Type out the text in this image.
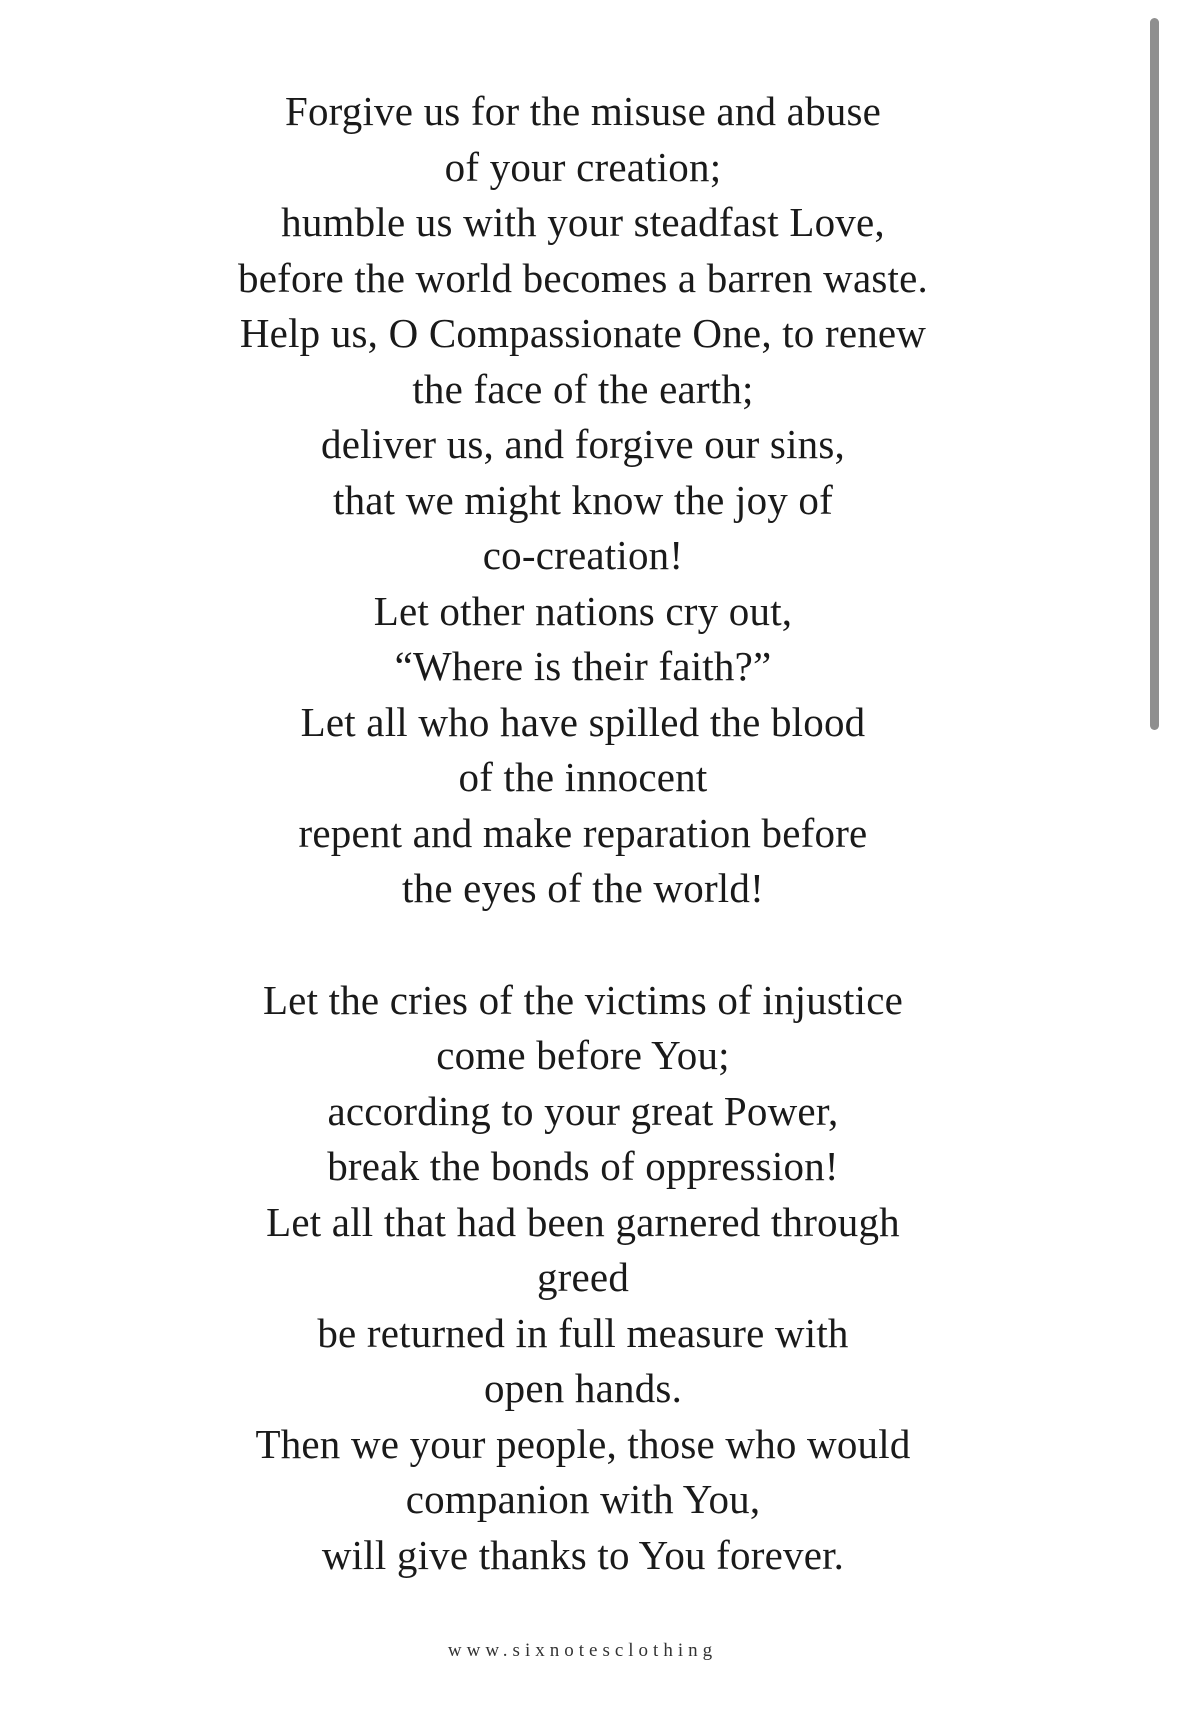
Forgive us for the misuse and abuse
of your creation;
humble us with your steadfast Love,
before the world becomes a barren waste.
Help us, O Compassionate One, to renew
the face of the earth;
deliver us, and forgive our sins,
that we might know the joy of
co-creation!
Let other nations cry out,
“Where is their faith?”
Let all who have spilled the blood
of the innocent
repent and make reparation before
the eyes of the world!
Let the cries of the victims of injustice
come before You;
according to your great Power,
break the bonds of oppression!
Let all that had been garnered through
greed
be returned in full measure with
open hands.
Then we your people, those who would
companion with You,
will give thanks to You forever.
www.sixnotesclothing
